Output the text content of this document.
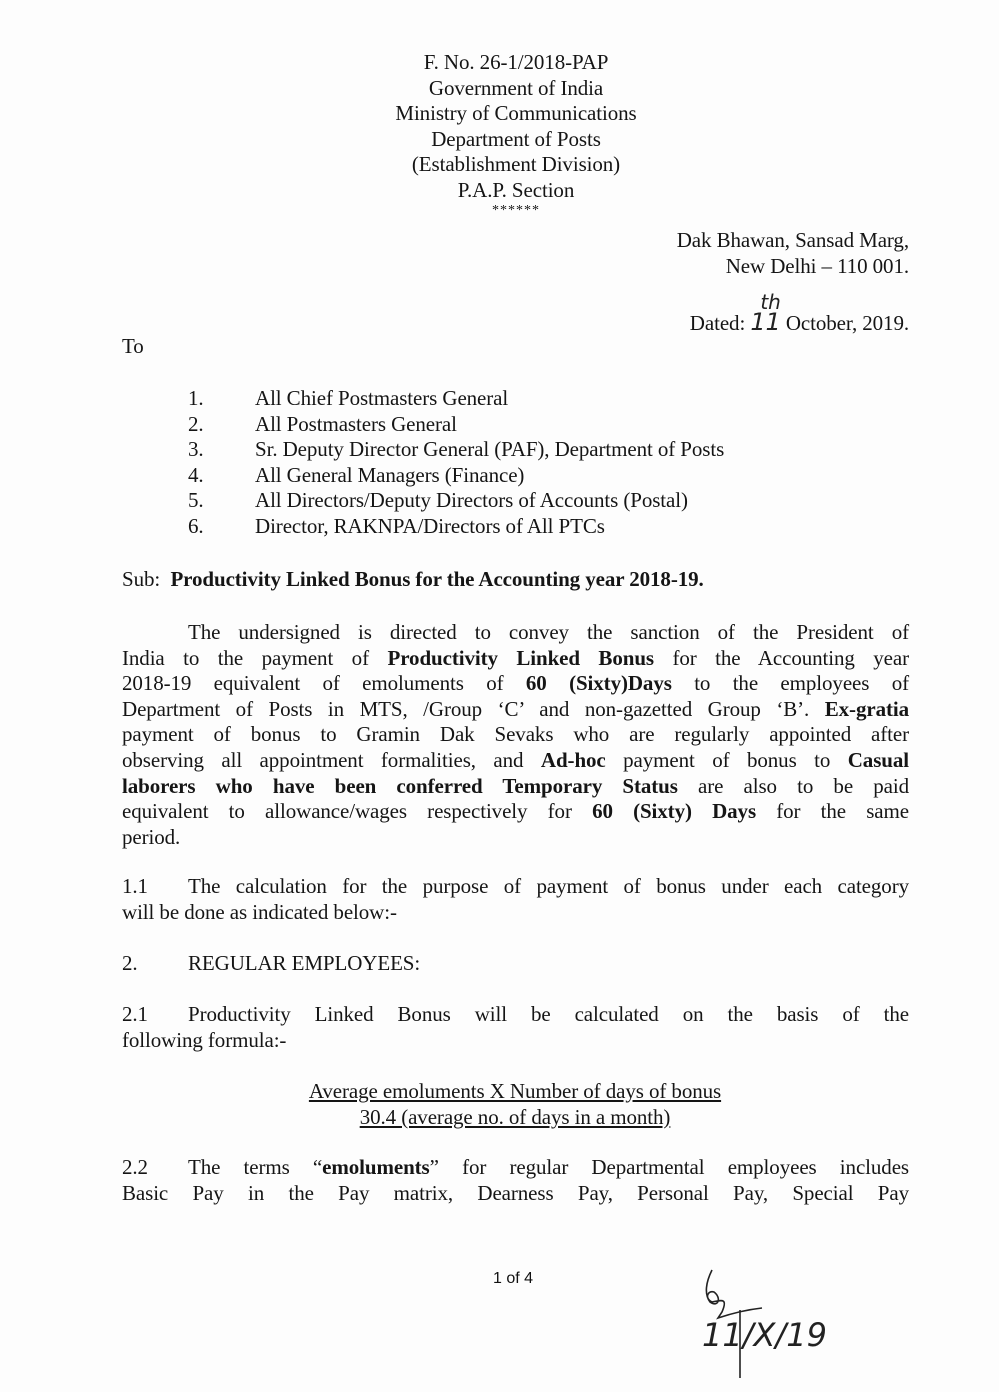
F. No. 26-1/2018-PAP
Government of India
Ministry of Communications
Department of Posts
(Establishment Division)
P.A.P. Section
******
Dak Bhawan, Sansad Marg,
New Delhi – 110 001.
Dated: 11
th
October, 2019.
To
1.	All Chief Postmasters General
2.	All Postmasters General
3.	Sr. Deputy Director General (PAF), Department of Posts
4.	All General Managers (Finance)
5.	All Directors/Deputy Directors of Accounts (Postal)
6.	Director, RAKNPA/Directors of All PTCs
Sub: Productivity Linked Bonus for the Accounting year 2018-19.
The undersigned is directed to convey the sanction of the President of
India to the payment of Productivity Linked Bonus for the Accounting year
2018-19 equivalent of emoluments of 60 (Sixty)Days to the employees of
Department of Posts in MTS, /Group ‘C’ and non-gazetted Group ‘B’. Ex-gratia
payment of bonus to Gramin Dak Sevaks who are regularly appointed after
observing all appointment formalities, and Ad-hoc payment of bonus to Casual
laborers who have been conferred Temporary Status are also to be paid
equivalent to allowance/wages respectively for 60 (Sixty) Days for the same
period.
1.1 The calculation for the purpose of payment of bonus under each category
will be done as indicated below:-
2. REGULAR EMPLOYEES:
2.1 Productivity Linked Bonus will be calculated on the basis of the
following formula:-
Average emoluments X Number of days of bonus
30.4 (average no. of days in a month)
2.2 The terms “emoluments” for regular Departmental employees includes
Basic Pay in the Pay matrix, Dearness Pay, Personal Pay, Special Pay
1 of 4
11/X/19
